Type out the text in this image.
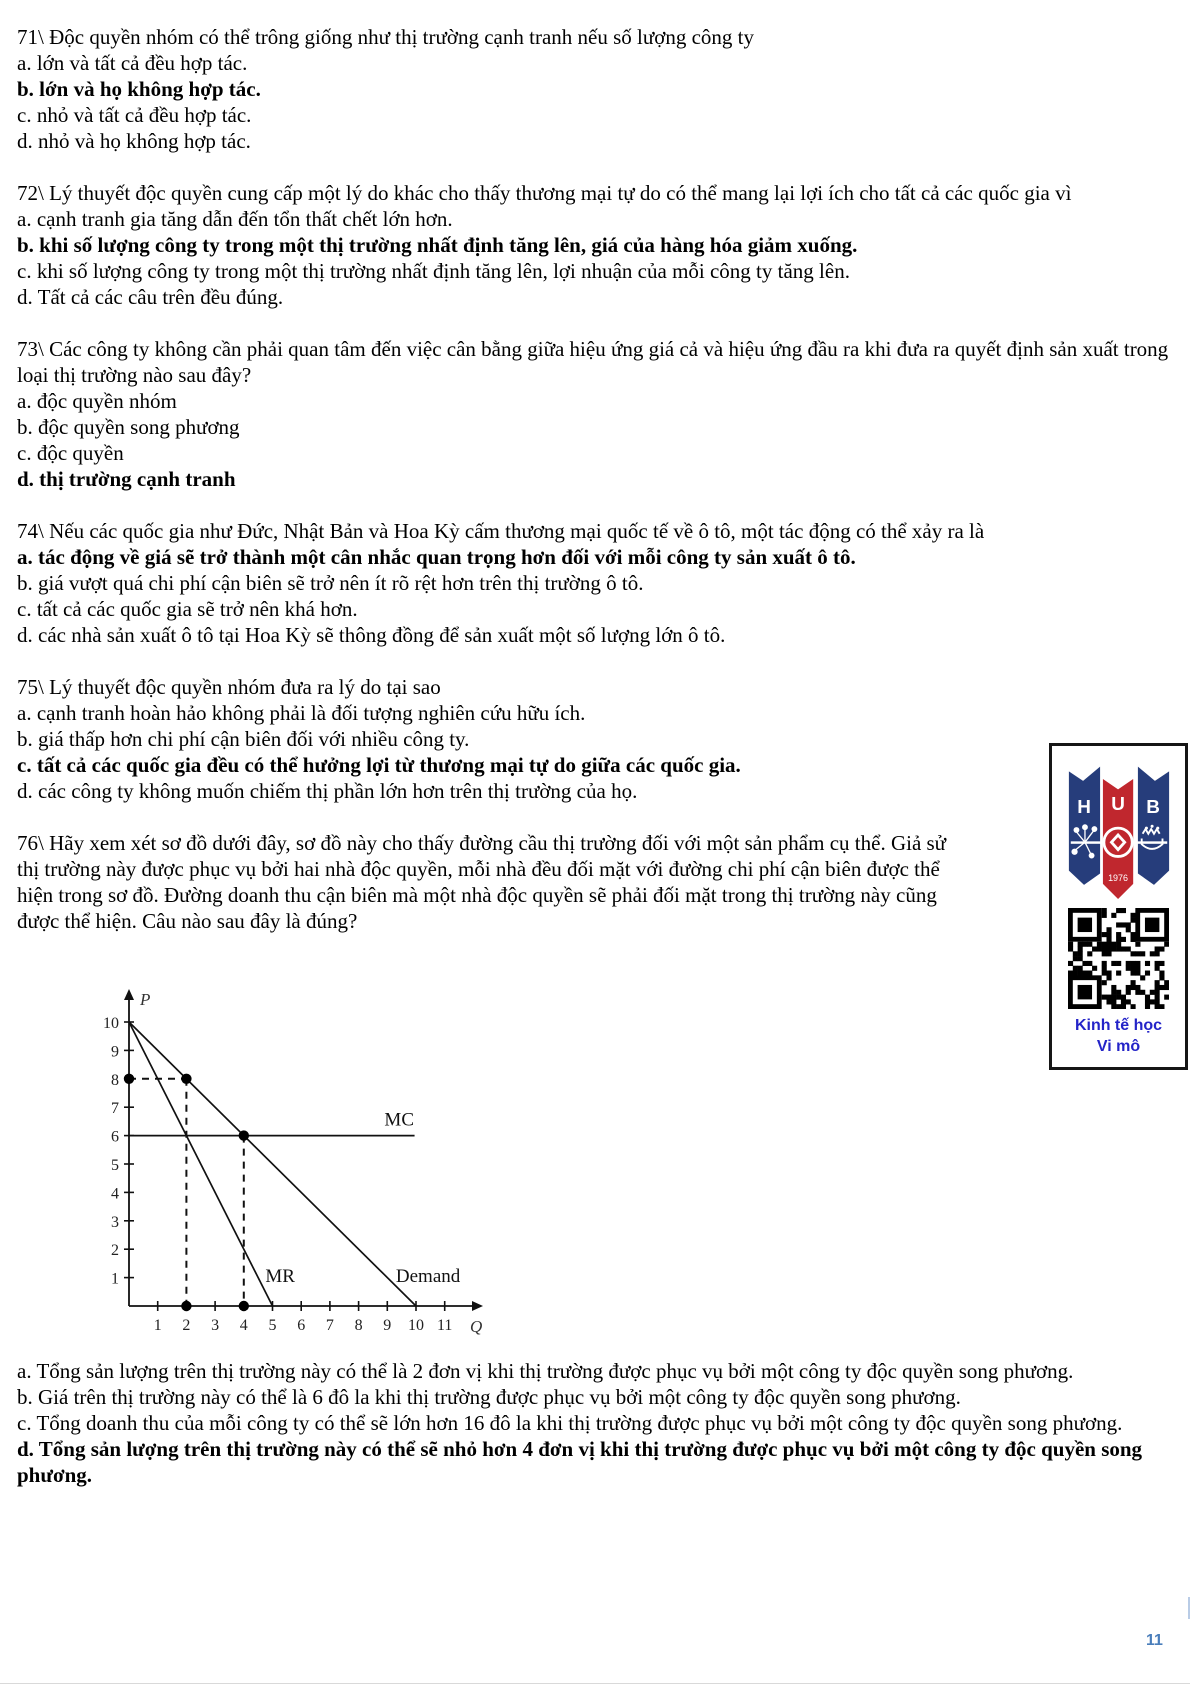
71\ Độc quyền nhóm có thể trông giống như thị trường cạnh tranh nếu số lượng công ty

a. lớn và tất cả đều hợp tác.

b. lớn và họ không hợp tác.

c. nhỏ và tất cả đều hợp tác.

d. nhỏ và họ không hợp tác.

72\ Lý thuyết độc quyền cung cấp một lý do khác cho thấy thương mại tự do có thể mang lại lợi ích cho tất cả các quốc gia vì

a. cạnh tranh gia tăng dẫn đến tổn thất chết lớn hơn.

b. khi số lượng công ty trong một thị trường nhất định tăng lên, giá của hàng hóa giảm xuống.

c. khi số lượng công ty trong một thị trường nhất định tăng lên, lợi nhuận của mỗi công ty tăng lên.

d. Tất cả các câu trên đều đúng.

73\ Các công ty không cần phải quan tâm đến việc cân bằng giữa hiệu ứng giá cả và hiệu ứng đầu ra khi đưa ra quyết định sản xuất trong loại thị trường nào sau đây?

a. độc quyền nhóm

b. độc quyền song phương

c. độc quyền

d. thị trường cạnh tranh

74\ Nếu các quốc gia như Đức, Nhật Bản và Hoa Kỳ cấm thương mại quốc tế về ô tô, một tác động có thể xảy ra là

a. tác động về giá sẽ trở thành một cân nhắc quan trọng hơn đối với mỗi công ty sản xuất ô tô.

b. giá vượt quá chi phí cận biên sẽ trở nên ít rõ rệt hơn trên thị trường ô tô.

c. tất cả các quốc gia sẽ trở nên khá hơn.

d. các nhà sản xuất ô tô tại Hoa Kỳ sẽ thông đồng để sản xuất một số lượng lớn ô tô.

75\ Lý thuyết độc quyền nhóm đưa ra lý do tại sao

a. cạnh tranh hoàn hảo không phải là đối tượng nghiên cứu hữu ích.

b. giá thấp hơn chi phí cận biên đối với nhiều công ty.

c. tất cả các quốc gia đều có thể hưởng lợi từ thương mại tự do giữa các quốc gia.

d. các công ty không muốn chiếm thị phần lớn hơn trên thị trường của họ.

76\ Hãy xem xét sơ đồ dưới đây, sơ đồ này cho thấy đường cầu thị trường đối với một sản phẩm cụ thể. Giả sử thị trường này được phục vụ bởi hai nhà độc quyền, mỗi nhà đều đối mặt với đường chi phí cận biên được thể hiện trong sơ đồ. Đường doanh thu cận biên mà một nhà độc quyền sẽ phải đối mặt trong thị trường này cũng được thể hiện. Câu nào sau đây là đúng?

1 2 3 4 5 6 7 8 9 10 11
1
2
3
4
5
6
7
8
9
10
P
Q
Demand
MR
MC

a. Tổng sản lượng trên thị trường này có thể là 2 đơn vị khi thị trường được phục vụ bởi một công ty độc quyền song phương.

b. Giá trên thị trường này có thể là 6 đô la khi thị trường được phục vụ bởi một công ty độc quyền song phương.

c. Tổng doanh thu của mỗi công ty có thể sẽ lớn hơn 16 đô la khi thị trường được phục vụ bởi một công ty độc quyền song phương.

d. Tổng sản lượng trên thị trường này có thể sẽ nhỏ hơn 4 đơn vị khi thị trường được phục vụ bởi một công ty độc quyền song phương.

H U B
1976
Kinh tế học
Vi mô
11
